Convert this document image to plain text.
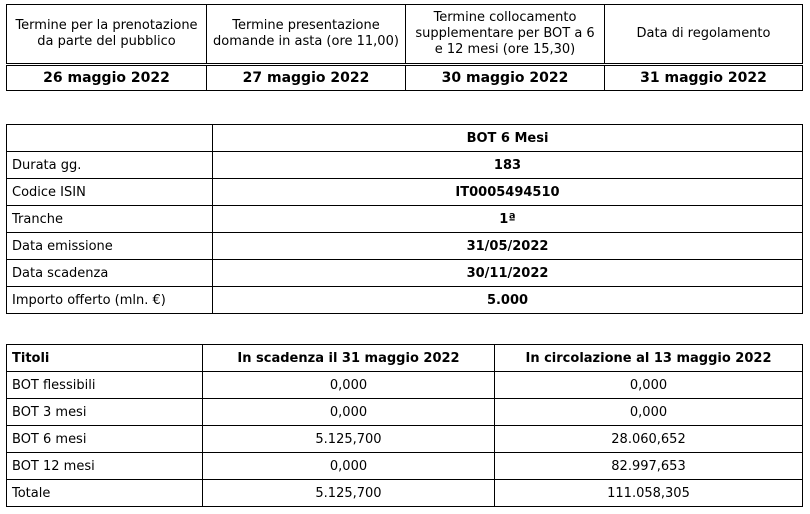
Termine per la prenotazione da parte del pubblico	Termine presentazione domande in asta (ore 11,00)	Termine collocamento supplementare per BOT a 6 e 12 mesi (ore 15,30)	Data di regolamento
26 maggio 2022	27 maggio 2022	30 maggio 2022	31 maggio 2022
	BOT 6 Mesi
Durata gg.	183
Codice ISIN	IT0005494510
Tranche	1ª
Data emissione	31/05/2022
Data scadenza	30/11/2022
Importo offerto (mln. €)	5.000
Titoli	In scadenza il 31 maggio 2022	In circolazione al 13 maggio 2022
BOT flessibili	0,000	0,000
BOT 3 mesi	0,000	0,000
BOT 6 mesi	5.125,700	28.060,652
BOT 12 mesi	0,000	82.997,653
Totale	5.125,700	111.058,305
